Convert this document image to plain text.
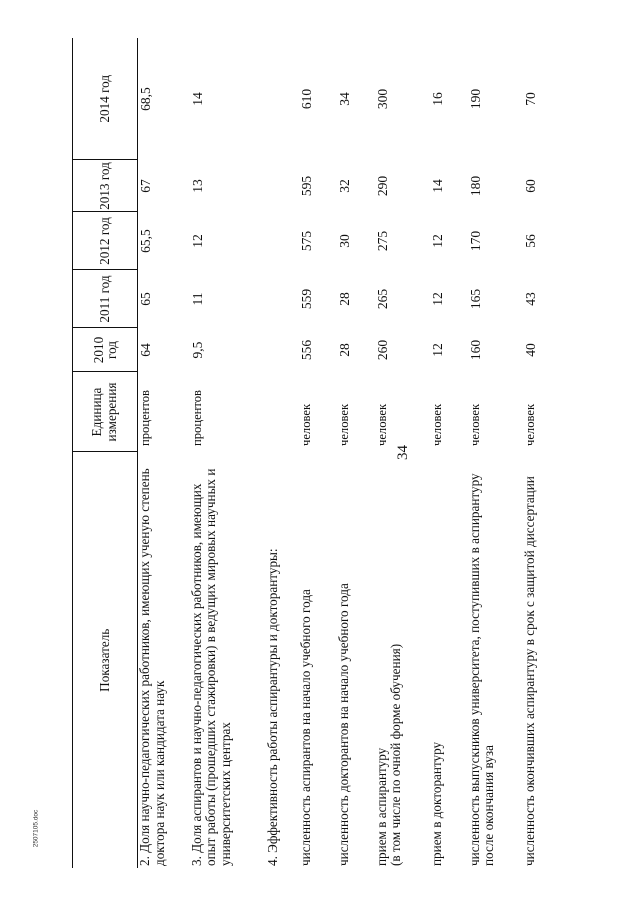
34
2507105.doc
Показатель	Единица измерения	2010 год	2011 год	2012 год	2013 год	2014 год
2. Доля научно-педагогических работников, имеющих ученую степень доктора наук или кандидата наук	процентов	64	65	65,5	67	68,5
3. Доля аспирантов и научно-педагогических работников, имеющих опыт работы (прошедших стажировки) в ведущих мировых научных и университетских центрах	процентов	9,5	11	12	13	14
4. Эффективность работы аспирантуры и докторантуры:						
численность аспирантов на начало учебного года	человек	556	559	575	595	610
численность докторантов на начало учебного года	человек	28	28	30	32	34
прием в аспирантуру
(в том числе по очной форме обучения)	человек	260	265	275	290	300
прием в докторантуру	человек	12	12	12	14	16
численность выпускников университета, поступивших в аспирантуру после окончания вуза	человек	160	165	170	180	190
численность окончивших аспирантуру в срок с защитой диссертации	человек	40	43	56	60	70
